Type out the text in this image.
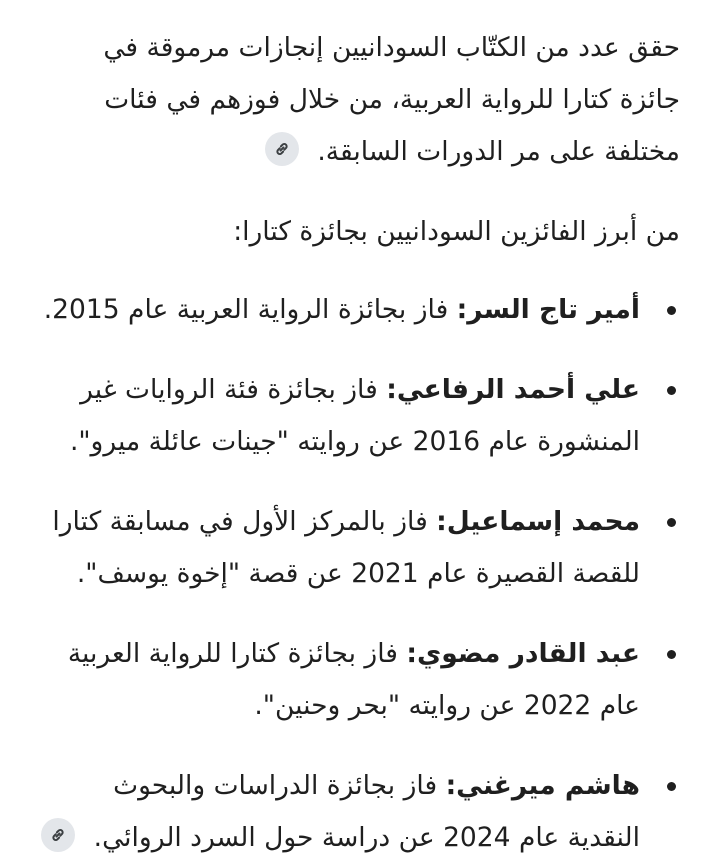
حقق عدد من الكتّاب السودانيين إنجازات مرموقة في جائزة كتارا للرواية العربية، من خلال فوزهم في فئات مختلفة على مر الدورات السابقة.

من أبرز الفائزين السودانيين بجائزة كتارا:

أمير تاج السر: فاز بجائزة الرواية العربية عام 2015.
علي أحمد الرفاعي: فاز بجائزة فئة الروايات غير المنشورة عام 2016 عن روايته "جينات عائلة ميرو".
محمد إسماعيل: فاز بالمركز الأول في مسابقة كتارا للقصة القصيرة عام 2021 عن قصة "إخوة يوسف".
عبد القادر مضوي: فاز بجائزة كتارا للرواية العربية عام 2022 عن روايته "بحر وحنين".
هاشم ميرغني: فاز بجائزة الدراسات والبحوث النقدية عام 2024 عن دراسة حول السرد الروائي.
